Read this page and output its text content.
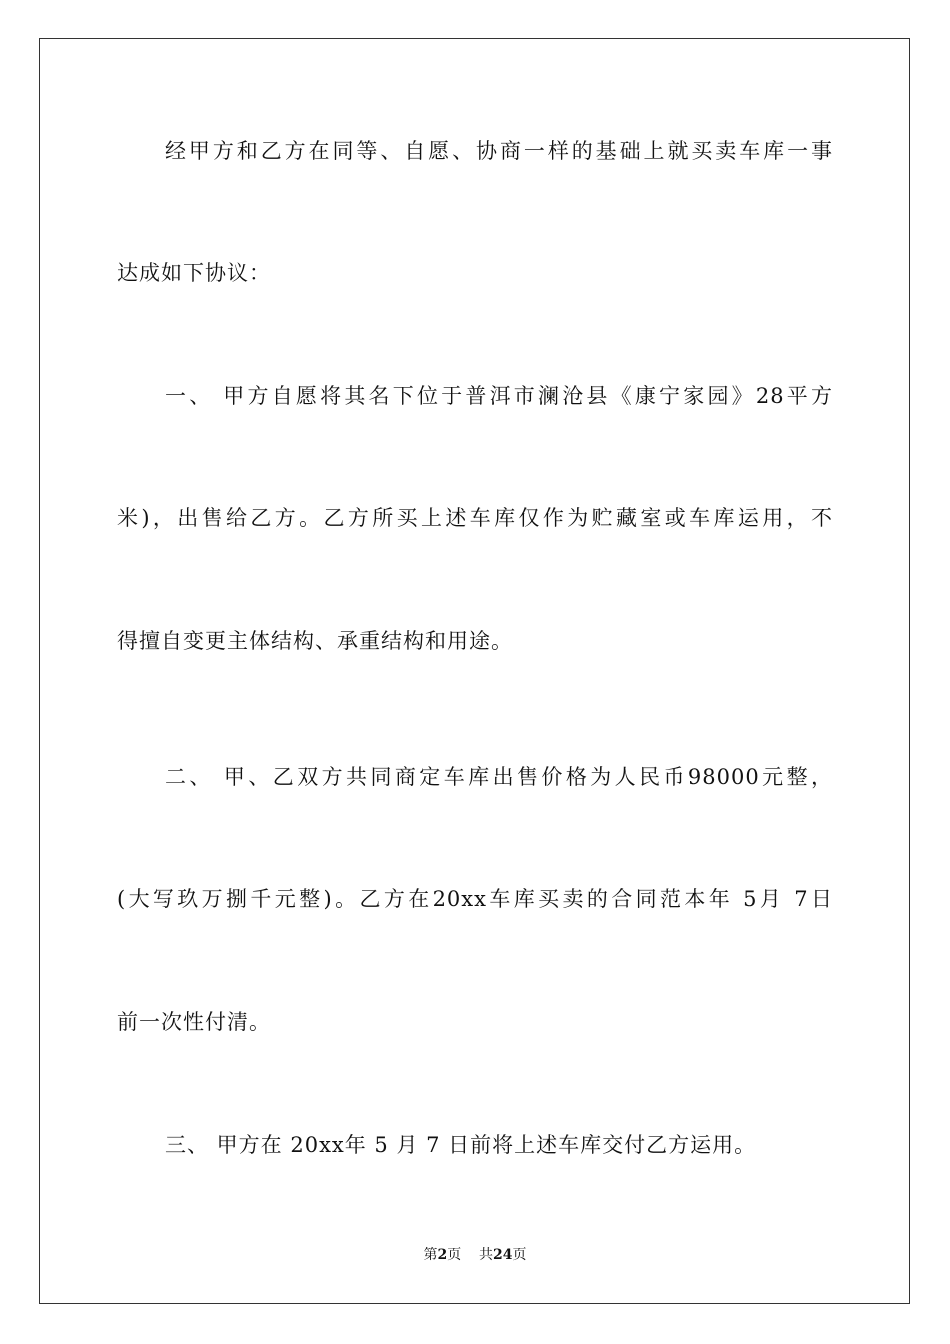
经甲方和乙方在同等、自愿、协商一样的基础上就买卖车库一事
达成如下协议：
一、 甲方自愿将其名下位于普洱市澜沧县《康宁家园》28平方
米)，出售给乙方。乙方所买上述车库仅作为贮藏室或车库运用，不
得擅自变更主体结构、承重结构和用途。
二、 甲、乙双方共同商定车库出售价格为人民币98000元整，
(大写玖万捌千元整)。乙方在20xx车库买卖的合同范本年 5月 7日
前一次性付清。
三、 甲方在 20xx年 5 月 7 日前将上述车库交付乙方运用。
第2页 共24页
